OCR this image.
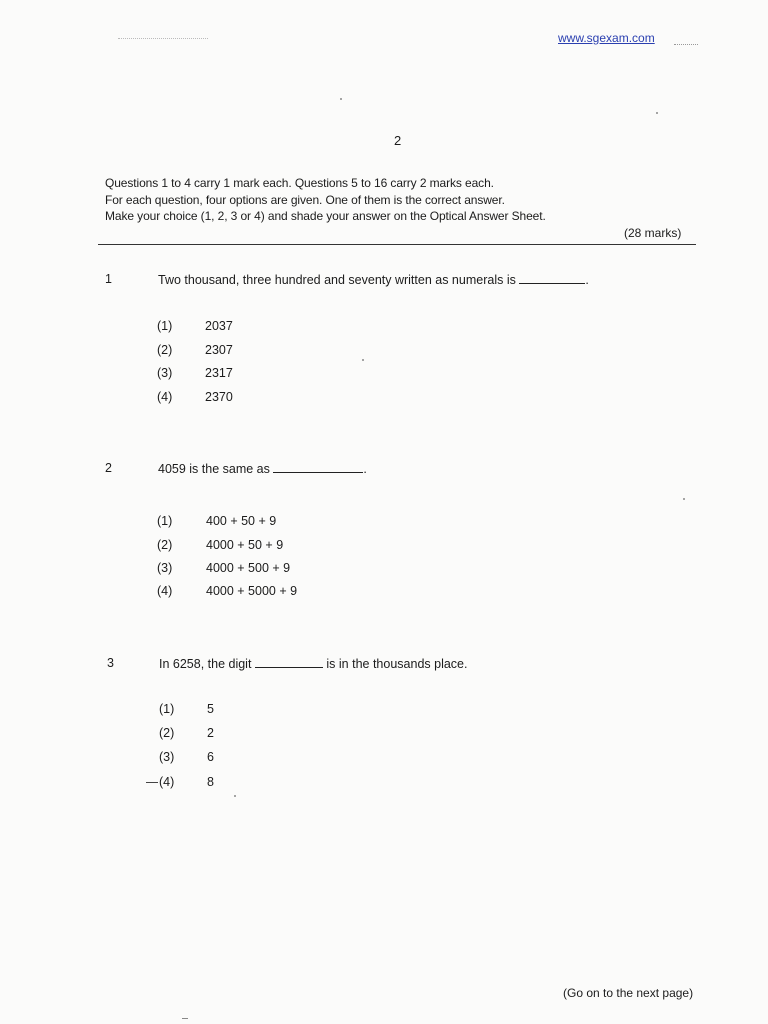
www.sgexam.com
2
Questions 1 to 4 carry 1 mark each. Questions 5 to 16 carry 2 marks each.
For each question, four options are given. One of them is the correct answer.
Make your choice (1, 2, 3 or 4) and shade your answer on the Optical Answer Sheet.
(28 marks)
1	Two thousand, three hundred and seventy written as numerals is	.
(1)	2037
(2)	2307
(3)	2317
(4)	2370
2	4059 is the same as	.
(1)	400 + 50 + 9
(2)	4000 + 50 + 9
(3)	4000 + 500 + 9
(4)	4000 + 5000 + 9
3	In 6258, the digit	is in the thousands place.
(1)	5
(2)	2
(3)	6
(4)	8
(Go on to the next page)
